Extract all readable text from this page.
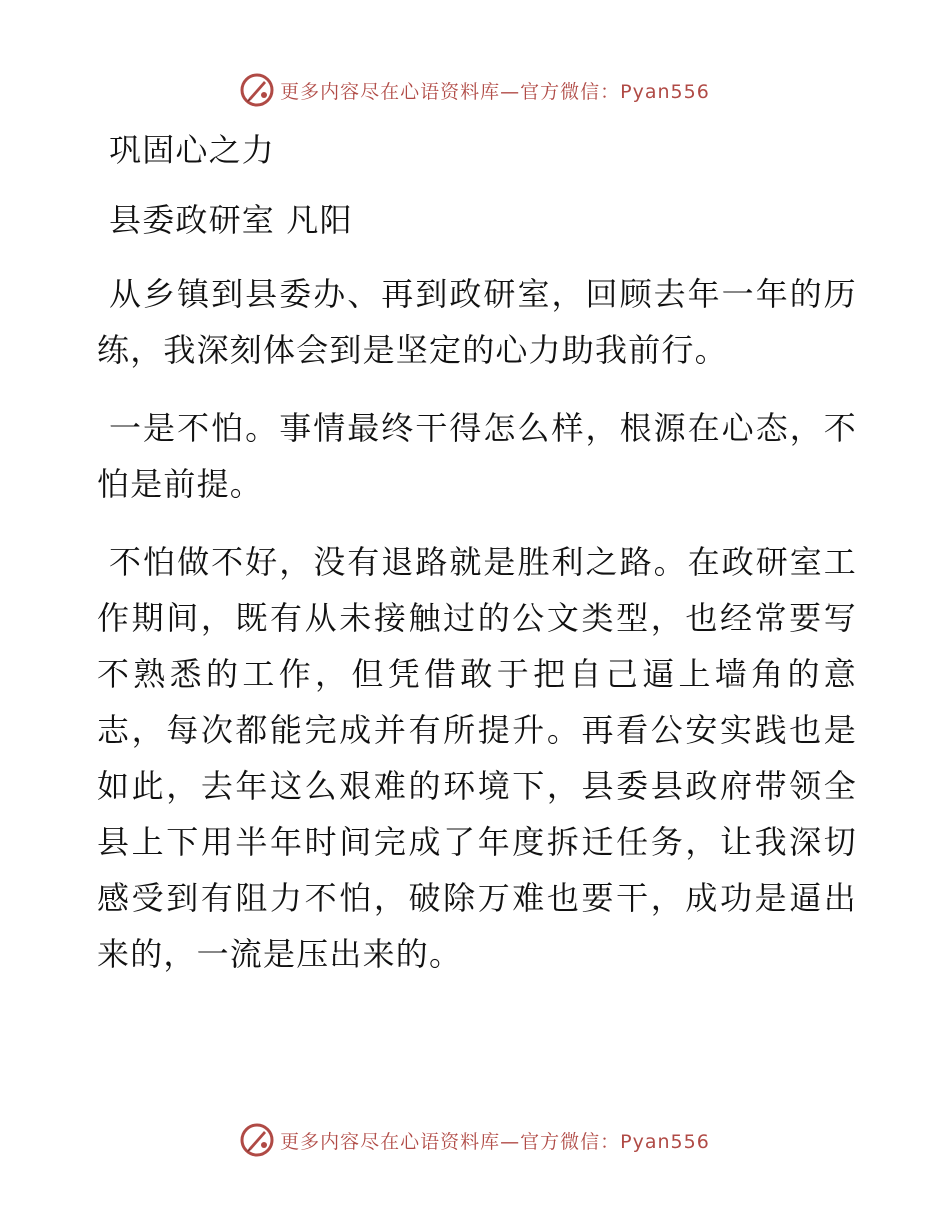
更多内容尽在心语资料库—官方微信：Pyan556

巩固心之力

县委政研室 凡阳

从乡镇到县委办、再到政研室，回顾去年一年的历练，我深刻体会到是坚定的心力助我前行。

一是不怕。事情最终干得怎么样，根源在心态，不怕是前提。

不怕做不好，没有退路就是胜利之路。在政研室工作期间，既有从未接触过的公文类型，也经常要写不熟悉的工作，但凭借敢于把自己逼上墙角的意志，每次都能完成并有所提升。再看公安实践也是如此，去年这么艰难的环境下，县委县政府带领全县上下用半年时间完成了年度拆迁任务，让我深切感受到有阻力不怕，破除万难也要干，成功是逼出来的，一流是压出来的。

更多内容尽在心语资料库—官方微信：Pyan556
